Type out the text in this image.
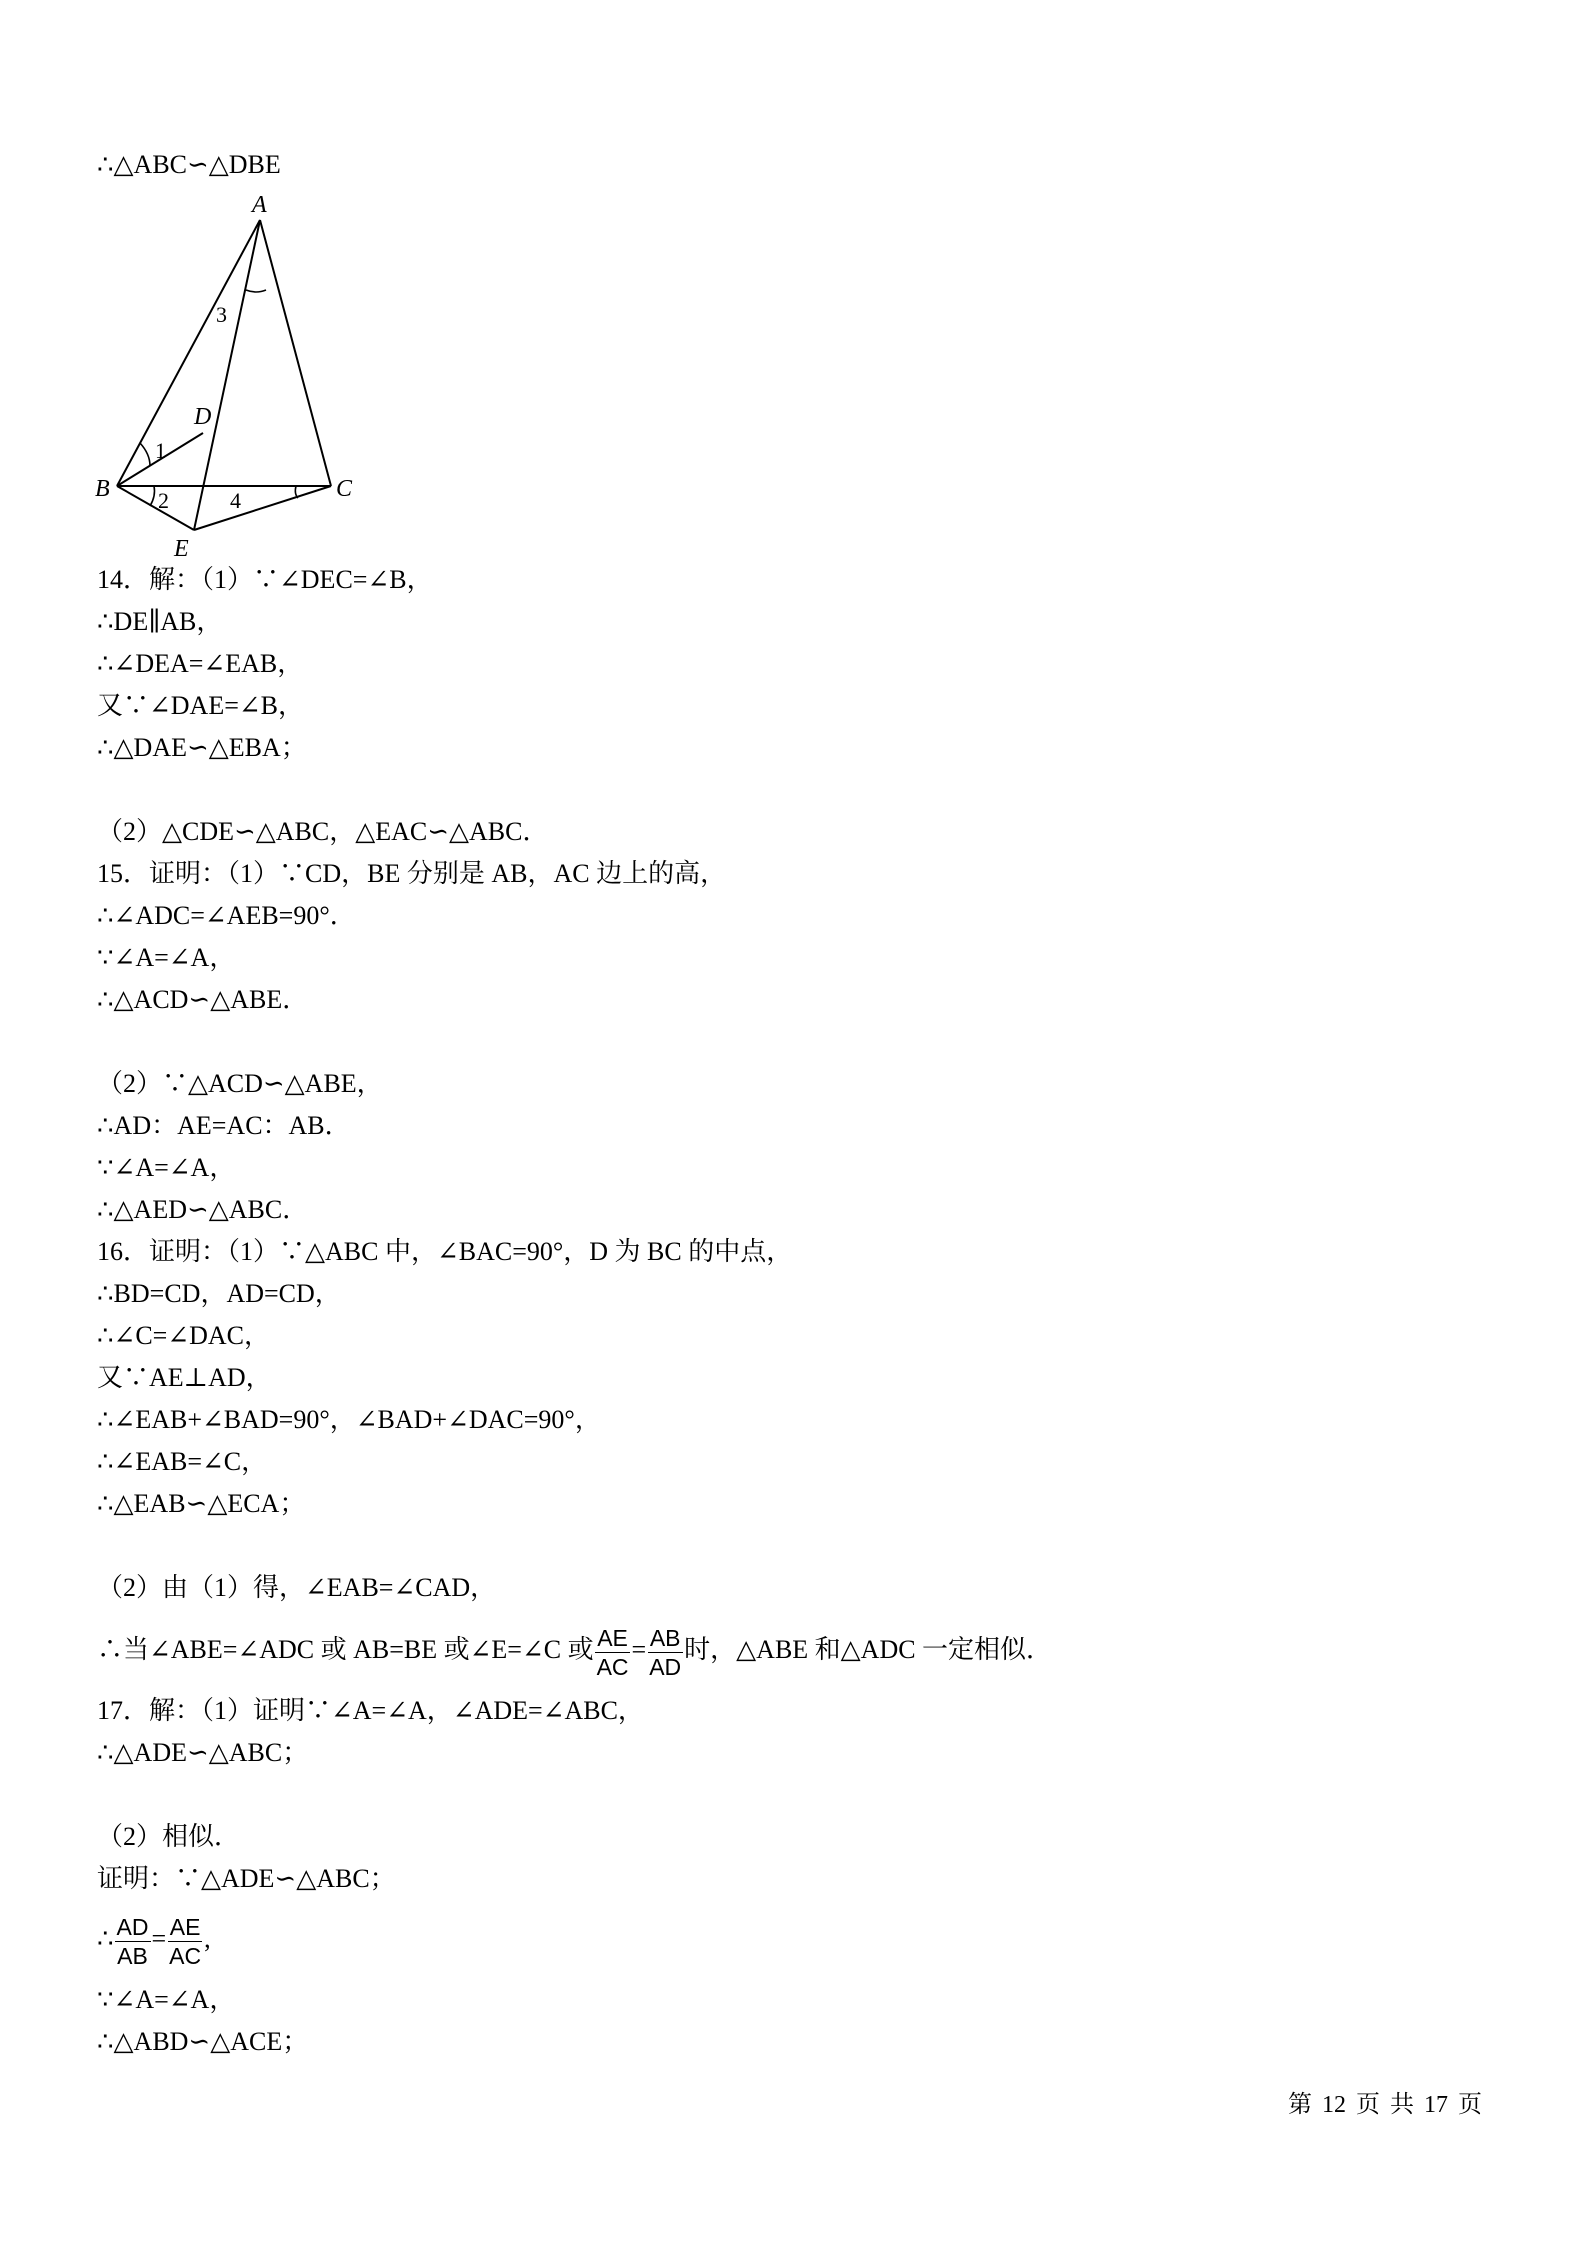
∴△ABC∽△DBE
A
B	C
D
E
1
2
3
4
14．解：（1）∵∠DEC=∠B，
∴DE∥AB，
∴∠DEA=∠EAB，
又∵∠DAE=∠B，
∴△DAE∽△EBA；
（2）△CDE∽△ABC，△EAC∽△ABC．
15．证明：（1）∵CD，BE 分别是 AB，AC 边上的高，
∴∠ADC=∠AEB=90°．
∵∠A=∠A，
∴△ACD∽△ABE．
（2）∵△ACD∽△ABE，
∴AD：AE=AC：AB．
∵∠A=∠A，
∴△AED∽△ABC．
16．证明：（1）∵△ABC 中，∠BAC=90°，D 为 BC 的中点，
∴BD=CD，AD=CD，
∴∠C=∠DAC，
又∵AE⊥AD，
∴∠EAB+∠BAD=90°，∠BAD+∠DAC=90°，
∴∠EAB=∠C，
∴△EAB∽△ECA；
（2）由（1）得，∠EAB=∠CAD，
∴当∠ABE=∠ADC 或 AB=BE 或∠E=∠C 或 $\frac{AE}{AC} = \frac{AB}{AD}$ 时，△ABE 和△ADC 一定相似．
17．解：（1）证明∵∠A=∠A，∠ADE=∠ABC，
∴△ADE∽△ABC；
（2）相似．
证明：∵△ADE∽△ABC；
∴ $\frac{AD}{AB} = \frac{AE}{AC}$ ,
∵∠A=∠A，
∴△ABD∽△ACE；
第 12 页 共 17 页
